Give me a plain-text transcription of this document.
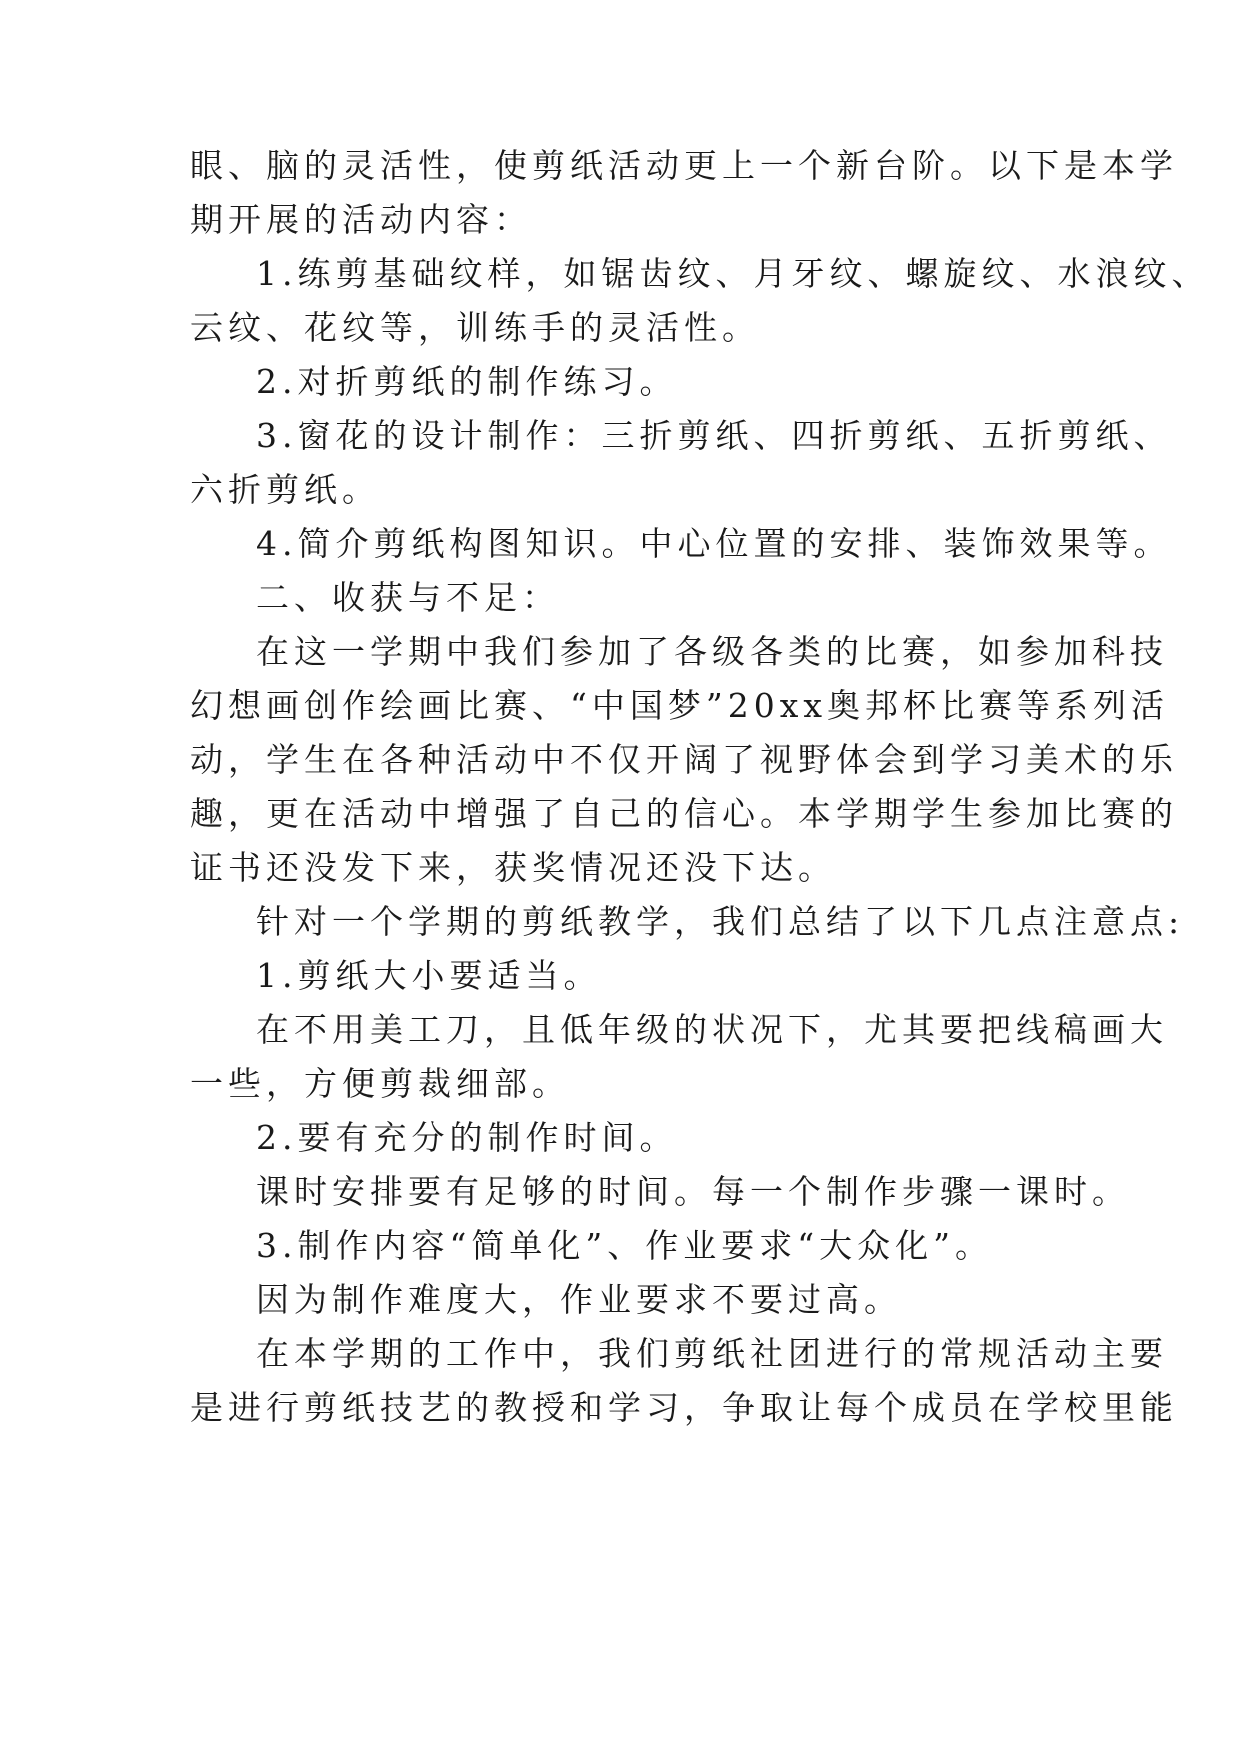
眼、脑的灵活性，使剪纸活动更上一个新台阶。以下是本学
期开展的活动内容：
1.练剪基础纹样，如锯齿纹、月牙纹、螺旋纹、水浪纹、
云纹、花纹等，训练手的灵活性。
2.对折剪纸的制作练习。
3.窗花的设计制作：三折剪纸、四折剪纸、五折剪纸、
六折剪纸。
4.简介剪纸构图知识。中心位置的安排、装饰效果等。
二、收获与不足：
在这一学期中我们参加了各级各类的比赛，如参加科技
幻想画创作绘画比赛、“中国梦”20xx奥邦杯比赛等系列活
动，学生在各种活动中不仅开阔了视野体会到学习美术的乐
趣，更在活动中增强了自己的信心。本学期学生参加比赛的
证书还没发下来，获奖情况还没下达。
针对一个学期的剪纸教学，我们总结了以下几点注意点:
1.剪纸大小要适当。
在不用美工刀，且低年级的状况下，尤其要把线稿画大
一些，方便剪裁细部。
2.要有充分的制作时间。
课时安排要有足够的时间。每一个制作步骤一课时。
3.制作内容“简单化”、作业要求“大众化”。
因为制作难度大，作业要求不要过高。
在本学期的工作中，我们剪纸社团进行的常规活动主要
是进行剪纸技艺的教授和学习，争取让每个成员在学校里能
